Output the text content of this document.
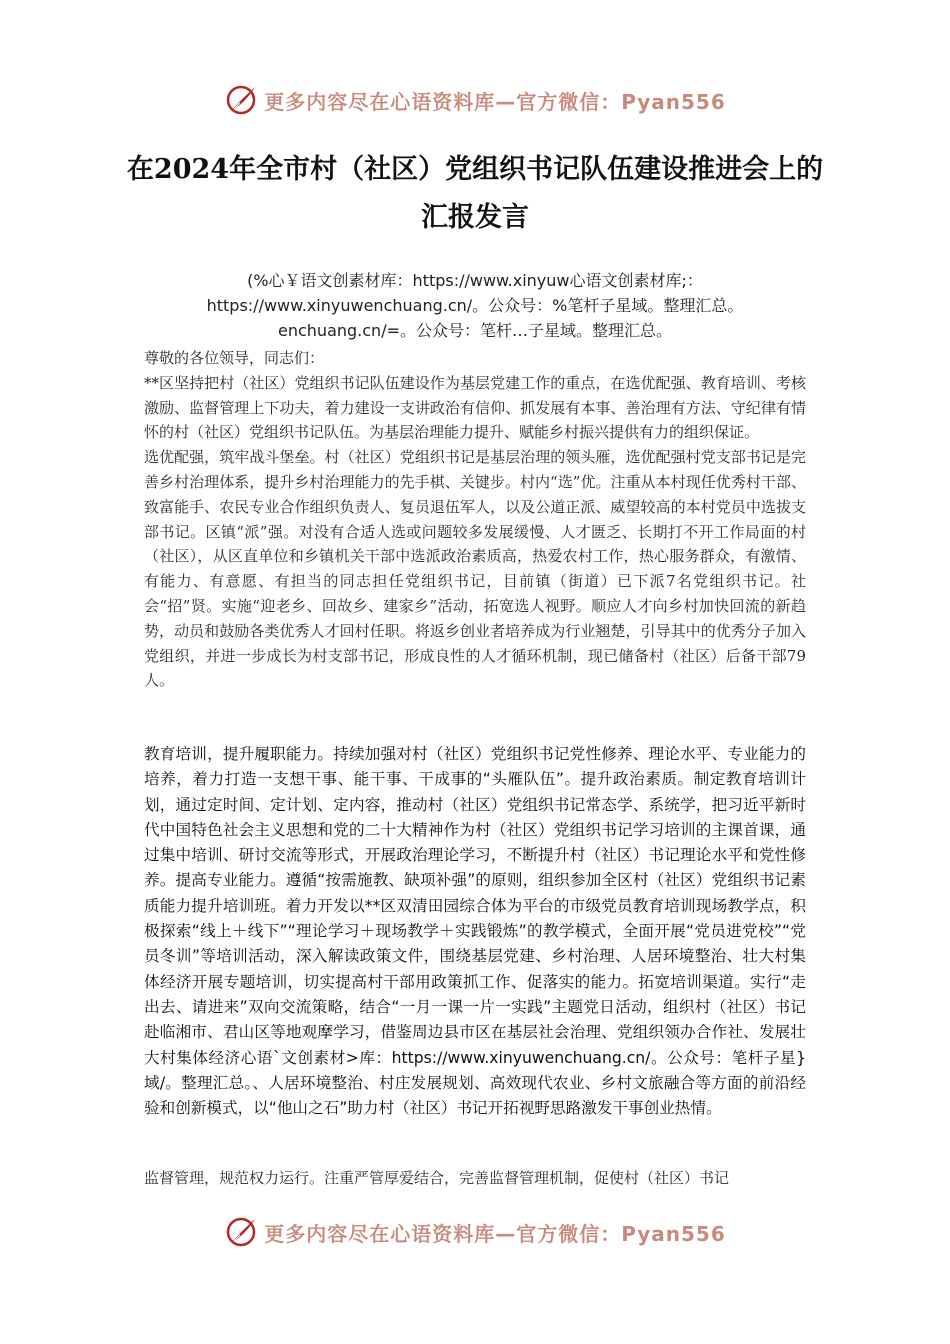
更多内容尽在心语资料库—官方微信：Pyan556
在2024年全市村（社区）党组织书记队伍建设推进会上的汇报发言
(%心￥语文创素材库：https://www.xinyuw心语文创素材库;：https://www.xinyuwenchuang.cn/。公众号：%笔杆子星域。整理汇总。enchuang.cn/=。公众号：笔杆…子星域。整理汇总。

尊敬的各位领导，同志们：

**区坚持把村（社区）党组织书记队伍建设作为基层党建工作的重点，在选优配强、教育培训、考核激励、监督管理上下功夫，着力建设一支讲政治有信仰、抓发展有本事、善治理有方法、守纪律有情怀的村（社区）党组织书记队伍。为基层治理能力提升、赋能乡村振兴提供有力的组织保证。

选优配强，筑牢战斗堡垒。村（社区）党组织书记是基层治理的领头雁，选优配强村党支部书记是完善乡村治理体系，提升乡村治理能力的先手棋、关键步。村内“选”优。注重从本村现任优秀村干部、致富能手、农民专业合作组织负责人、复员退伍军人，以及公道正派、威望较高的本村党员中选拔支部书记。区镇“派”强。对没有合适人选或问题较多发展缓慢、人才匮乏、长期打不开工作局面的村（社区），从区直单位和乡镇机关干部中选派政治素质高，热爱农村工作，热心服务群众，有激情、有能力、有意愿、有担当的同志担任党组织书记，目前镇（街道）已下派7名党组织书记。社会“招”贤。实施“迎老乡、回故乡、建家乡”活动，拓宽选人视野。顺应人才向乡村加快回流的新趋势，动员和鼓励各类优秀人才回村任职。将返乡创业者培养成为行业翘楚，引导其中的优秀分子加入党组织，并进一步成长为村支部书记，形成良性的人才循环机制，现已储备村（社区）后备干部79人。

教育培训，提升履职能力。持续加强对村（社区）党组织书记党性修养、理论水平、专业能力的培养，着力打造一支想干事、能干事、干成事的“头雁队伍”。提升政治素质。制定教育培训计划，通过定时间、定计划、定内容，推动村（社区）党组织书记常态学、系统学，把习近平新时代中国特色社会主义思想和党的二十大精神作为村（社区）党组织书记学习培训的主课首课，通过集中培训、研讨交流等形式，开展政治理论学习，不断提升村（社区）书记理论水平和党性修养。提高专业能力。遵循“按需施教、缺项补强”的原则，组织参加全区村（社区）党组织书记素质能力提升培训班。着力开发以**区双清田园综合体为平台的市级党员教育培训现场教学点，积极探索“线上＋线下”“理论学习＋现场教学＋实践锻炼”的教学模式，全面开展“党员进党校”“党员冬训”等培训活动，深入解读政策文件，围绕基层党建、乡村治理、人居环境整治、壮大村集体经济开展专题培训，切实提高村干部用政策抓工作、促落实的能力。拓宽培训渠道。实行“走出去、请进来”双向交流策略，结合“一月一课一片一实践”主题党日活动，组织村（社区）书记赴临湘市、君山区等地观摩学习，借鉴周边县市区在基层社会治理、党组织领办合作社、发展壮大村集体经济心语`文创素材>库：https://www.xinyuwenchuang.cn/。公众号：笔杆子星}域/。整理汇总。、人居环境整治、村庄发展规划、高效现代农业、乡村文旅融合等方面的前沿经验和创新模式，以“他山之石”助力村（社区）书记开拓视野思路激发干事创业热情。

监督管理，规范权力运行。注重严管厚爱结合，完善监督管理机制，促使村（社区）书记

更多内容尽在心语资料库—官方微信：Pyan556
